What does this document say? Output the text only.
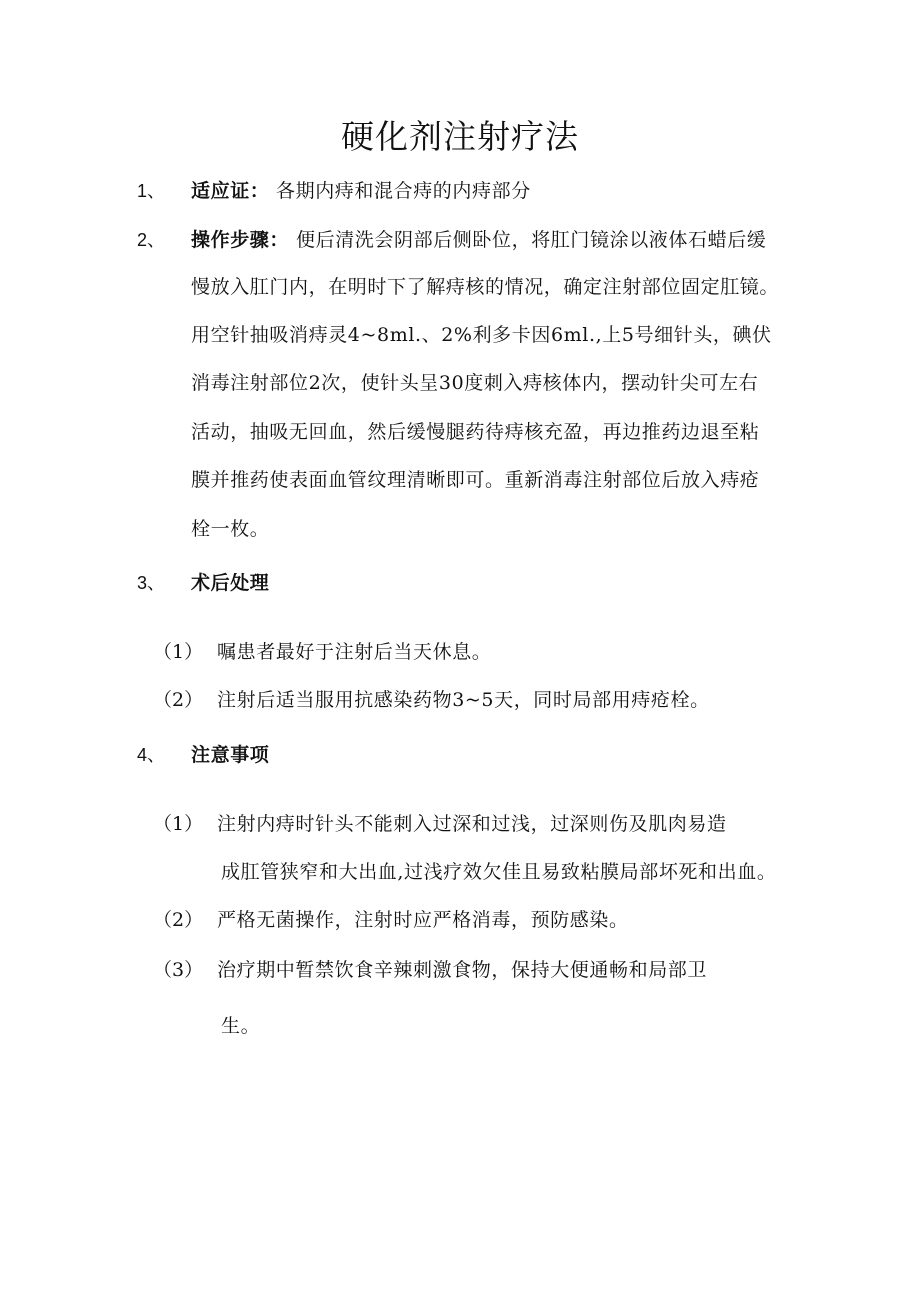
硬化剂注射疗法
1、 适应证： 各期内痔和混合痔的内痔部分
2、 操作步骤： 便后清洗会阴部后侧卧位，将肛门镜涂以液体石蜡后缓
慢放入肛门内，在明时下了解痔核的情况，确定注射部位固定肛镜。
用空针抽吸消痔灵4~8ml.、2%利多卡因6ml.,上5号细针头，碘伏
消毒注射部位2次，使针头呈30度刺入痔核体内，摆动针尖可左右
活动，抽吸无回血，然后缓慢腿药待痔核充盈，再边推药边退至粘
膜并推药使表面血管纹理清晰即可。重新消毒注射部位后放入痔疮
栓一枚。
3、 术后处理
（1） 嘱患者最好于注射后当天休息。
（2） 注射后适当服用抗感染药物3~5天，同时局部用痔疮栓。
4、 注意事项
（1） 注射内痔时针头不能刺入过深和过浅，过深则伤及肌肉易造
成肛管狭窄和大出血,过浅疗效欠佳且易致粘膜局部坏死和出血。
（2） 严格无菌操作，注射时应严格消毒，预防感染。
（3） 治疗期中暂禁饮食辛辣刺激食物，保持大便通畅和局部卫
生。
